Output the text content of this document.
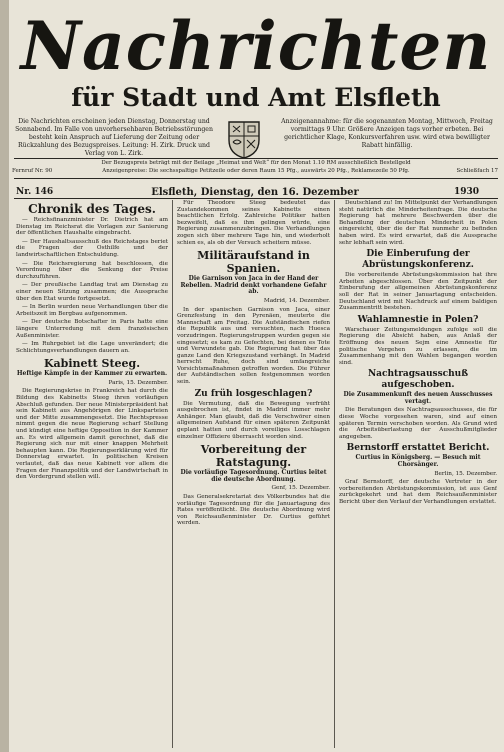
Nachrichten
für Stadt und Amt Elsfleth
Die Nachrichten erscheinen jeden Dienstag, Donnerstag und Sonnabend. Im Falle von unvorhersehbaren Betriebsstörungen besteht kein Anspruch auf Lieferung der Zeitung oder Rückzahlung des Bezugspreises. Leitung: H. Zirk. Druck und Verlag von L. Zirk.
Anzeigenannahme: für die sogenannten Montag, Mittwoch, Freitag vormittags 9 Uhr. Größere Anzeigen tags vorher erbeten. Bei gerichtlicher Klage, Konkursverfahren usw. wird etwa bewilligter Rabatt hinfällig.
Der Bezugspreis beträgt mit der Beilage „Heimat und Welt“ für den Monat 1.10 RM ausschließlich Bestellgeld
Anzeigenpreise: Die sechsspaltige Petitzeile oder deren Raum 15 Pfg., auswärts 20 Pfg., Reklamezeile 50 Pfg.
Fernruf Nr. 90	Schließfach 17
Nr. 146	Elsfleth, Dienstag, den 16. Dezember	1930
Chronik des Tages.

— Reichsfinanzminister Dr. Dietrich hat am Dienstag im Reichsrat die Vorlagen zur Sanierung der öffentlichen Haushalte eingebracht.

— Der Haushaltsausschuß des Reichstages beriet die Fragen der Osthilfe und der landwirtschaftlichen Entschuldung.

— Die Reichsregierung hat beschlossen, die Verordnung über die Senkung der Preise durchzuführen.

— Der preußische Landtag trat am Dienstag zu einer neuen Sitzung zusammen; die Aussprache über den Etat wurde fortgesetzt.

— In Berlin wurden neue Verhandlungen über die Arbeitszeit im Bergbau aufgenommen.

— Der deutsche Botschafter in Paris hatte eine längere Unterredung mit dem französischen Außenminister.

— Im Ruhrgebiet ist die Lage unverändert; die Schlichtungsverhandlungen dauern an.

Kabinett Steeg.

Heftige Kämpfe in der Kammer zu erwarten.

Paris, 15. Dezember.

Die Regierungskrise in Frankreich hat durch die Bildung des Kabinetts Steeg ihren vorläufigen Abschluß gefunden. Der neue Ministerpräsident hat sein Kabinett aus Angehörigen der Linksparteien und der Mitte zusammengesetzt. Die Rechtspresse nimmt gegen die neue Regierung scharf Stellung und kündigt eine heftige Opposition in der Kammer an. Es wird allgemein damit gerechnet, daß die Regierung sich nur mit einer knappen Mehrheit behaupten kann. Die Regierungserklärung wird für Donnerstag erwartet. In politischen Kreisen verlautet, daß das neue Kabinett vor allem die Fragen der Finanzpolitik und der Landwirtschaft in den Vordergrund stellen will.

Für Theodore Steeg bedeutet das Zustandekommen seines Kabinetts einen beachtlichen Erfolg. Zahlreiche Politiker hatten bezweifelt, daß es ihm gelingen würde, eine Regierung zusammenzubringen. Die Verhandlungen zogen sich über mehrere Tage hin, und wiederholt schien es, als ob der Versuch scheitern müsse.

Militäraufstand in Spanien.

Die Garnison von Jaca in der Hand der Rebellen. Madrid denkt vorhandene Gefahr ab.

Madrid, 14. Dezember.

In der spanischen Garnison von Jaca, einer Grenzfestung in den Pyrenäen, meuterte die Mannschaft am Freitag. Die Aufständischen riefen die Republik aus und versuchten, nach Huesca vorzudringen. Regierungstruppen wurden gegen sie eingesetzt; es kam zu Gefechten, bei denen es Tote und Verwundete gab. Die Regierung hat über das ganze Land den Kriegszustand verhängt. In Madrid herrscht Ruhe, doch sind umfangreiche Vorsichtsmaßnahmen getroffen worden. Die Führer der Aufständischen sollen festgenommen worden sein.

Zu früh losgeschlagen?

Die Vermutung, daß die Bewegung verfrüht ausgebrochen ist, findet in Madrid immer mehr Anhänger. Man glaubt, daß die Verschwörer einen allgemeinen Aufstand für einen späteren Zeitpunkt geplant hatten und durch voreiliges Losschlagen einzelner Offiziere überrascht worden sind.

Vorbereitung der Ratstagung.

Die vorläufige Tagesordnung. Curtius leitet die deutsche Abordnung.

Genf, 15. Dezember.

Das Generalsekretariat des Völkerbundes hat die vorläufige Tagesordnung für die Januartagung des Rates veröffentlicht. Die deutsche Abordnung wird von Reichsaußenminister Dr. Curtius geführt werden.

Deutschland zu! Im Mittelpunkt der Verhandlungen steht natürlich die Minderheitenfrage. Die deutsche Regierung hat mehrere Beschwerden über die Behandlung der deutschen Minderheit in Polen eingereicht, über die der Rat nunmehr zu befinden haben wird. Es wird erwartet, daß die Aussprache sehr lebhaft sein wird.

Die Einberufung der Abrüstungskonferenz.

Die vorbereitende Abrüstungskommission hat ihre Arbeiten abgeschlossen. Über den Zeitpunkt der Einberufung der allgemeinen Abrüstungskonferenz soll der Rat in seiner Januartagung entscheiden. Deutschland wird mit Nachdruck auf einem baldigen Zusammentritt bestehen.

Wahlamnestie in Polen?

Warschauer Zeitungsmeldungen zufolge soll die Regierung die Absicht haben, aus Anlaß der Eröffnung des neuen Sejm eine Amnestie für politische Vergehen zu erlassen, die im Zusammenhang mit den Wahlen begangen worden sind.

Nachtragsausschuß aufgeschoben.

Die Zusammenkunft des neuen Ausschusses vertagt.

Die Beratungen des Nachtragsausschusses, die für diese Woche vorgesehen waren, sind auf einen späteren Termin verschoben worden. Als Grund wird die Arbeitsüberlastung der Ausschußmitglieder angegeben.

Bernstorff erstattet Bericht.

Curtius in Königsberg. — Besuch mit Chorsänger.

Berlin, 15. Dezember.

Graf Bernstorff, der deutsche Vertreter in der vorbereitenden Abrüstungskommission, ist aus Genf zurückgekehrt und hat dem Reichsaußenminister Bericht über den Verlauf der Verhandlungen erstattet.
